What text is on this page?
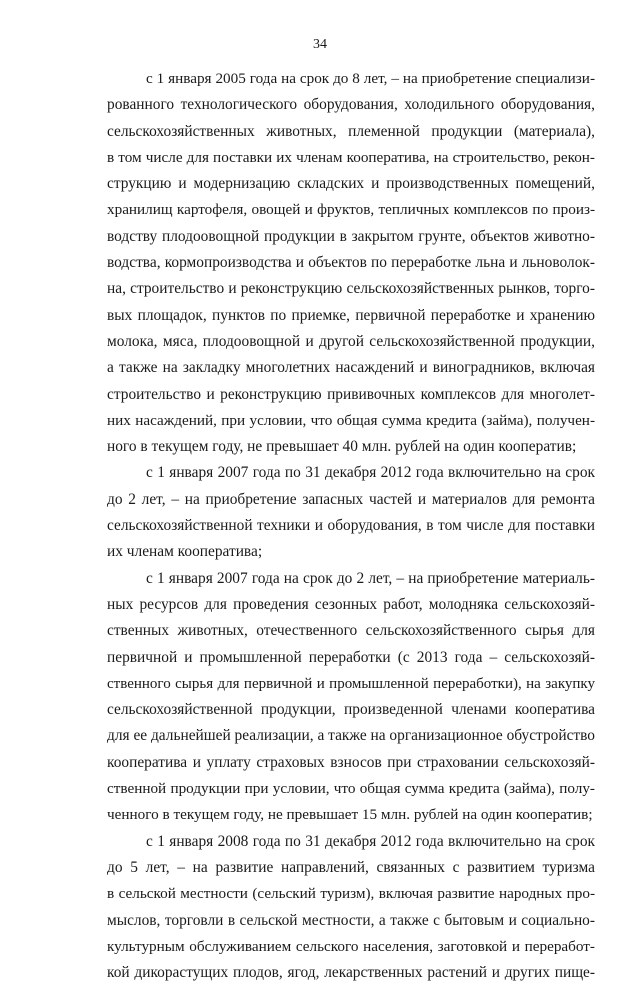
34
с 1 января 2005 года на срок до 8 лет, – на приобретение специализи-
рованного технологического оборудования, холодильного оборудования,
сельскохозяйственных животных, племенной продукции (материала),
в том числе для поставки их членам кооператива, на строительство, рекон-
струкцию и модернизацию складских и производственных помещений,
хранилищ картофеля, овощей и фруктов, тепличных комплексов по произ-
водству плодоовощной продукции в закрытом грунте, объектов животно-
водства, кормопроизводства и объектов по переработке льна и льноволок-
на, строительство и реконструкцию сельскохозяйственных рынков, торго-
вых площадок, пунктов по приемке, первичной переработке и хранению
молока, мяса, плодоовощной и другой сельскохозяйственной продукции,
а также на закладку многолетних насаждений и виноградников, включая
строительство и реконструкцию прививочных комплексов для многолет-
них насаждений, при условии, что общая сумма кредита (займа), получен-
ного в текущем году, не превышает 40 млн. рублей на один кооператив;
с 1 января 2007 года по 31 декабря 2012 года включительно на срок
до 2 лет, – на приобретение запасных частей и материалов для ремонта
сельскохозяйственной техники и оборудования, в том числе для поставки
их членам кооператива;
с 1 января 2007 года на срок до 2 лет, – на приобретение материаль-
ных ресурсов для проведения сезонных работ, молодняка сельскохозяй-
ственных животных, отечественного сельскохозяйственного сырья для
первичной и промышленной переработки (с 2013 года – сельскохозяй-
ственного сырья для первичной и промышленной переработки), на закупку
сельскохозяйственной продукции, произведенной членами кооператива
для ее дальнейшей реализации, а также на организационное обустройство
кооператива и уплату страховых взносов при страховании сельскохозяй-
ственной продукции при условии, что общая сумма кредита (займа), полу-
ченного в текущем году, не превышает 15 млн. рублей на один кооператив;
с 1 января 2008 года по 31 декабря 2012 года включительно на срок
до 5 лет, – на развитие направлений, связанных с развитием туризма
в сельской местности (сельский туризм), включая развитие народных про-
мыслов, торговли в сельской местности, а также с бытовым и социально-
культурным обслуживанием сельского населения, заготовкой и переработ-
кой дикорастущих плодов, ягод, лекарственных растений и других пище-
